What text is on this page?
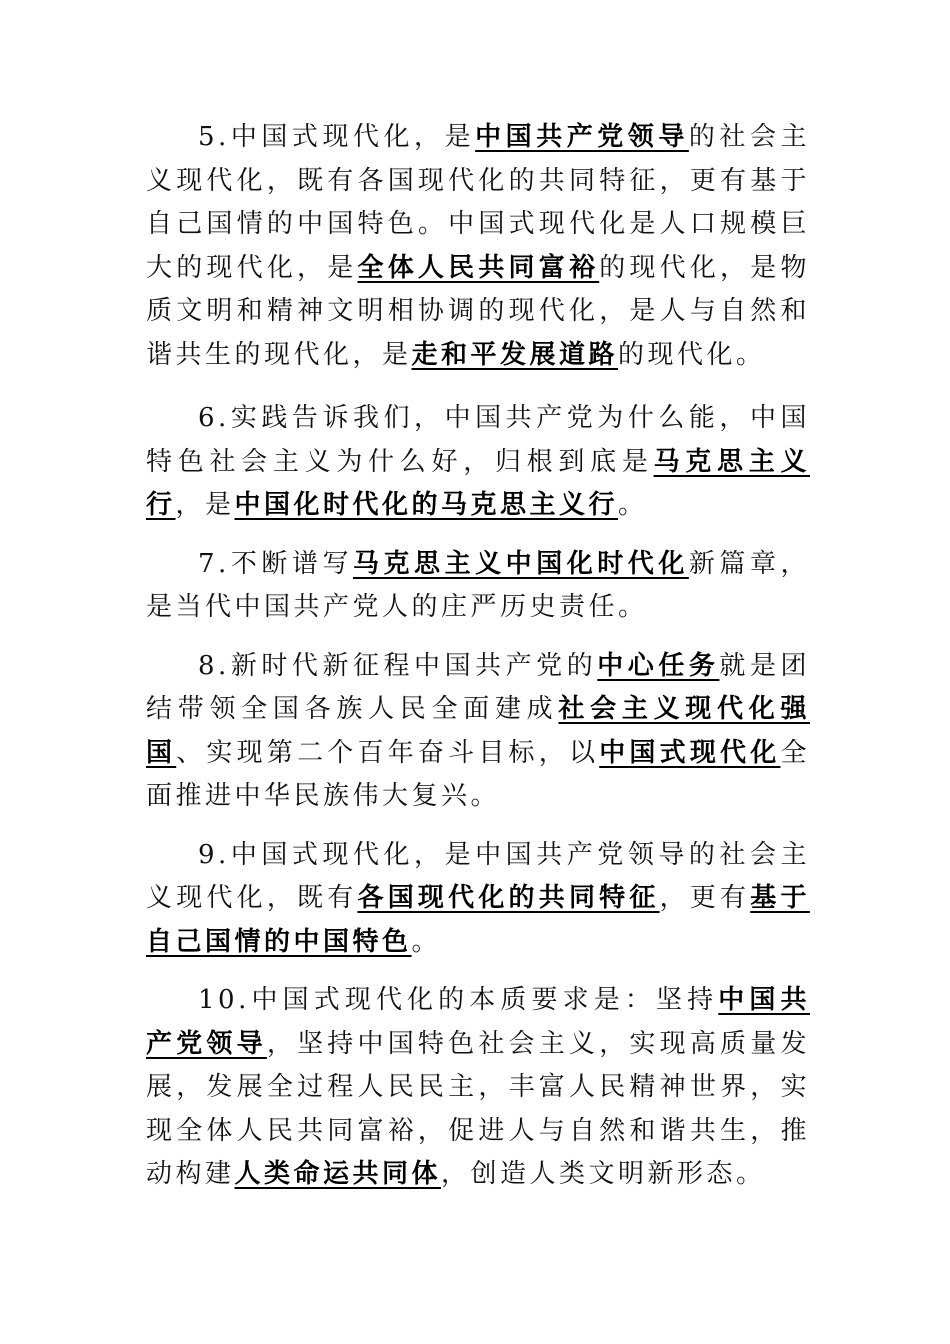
5.中国式现代化，是中国共产党领导的社会主义现代化，既有各国现代化的共同特征，更有基于自己国情的中国特色。中国式现代化是人口规模巨大的现代化，是全体人民共同富裕的现代化，是物质文明和精神文明相协调的现代化，是人与自然和谐共生的现代化，是走和平发展道路的现代化。

6.实践告诉我们，中国共产党为什么能，中国特色社会主义为什么好，归根到底是马克思主义行，是中国化时代化的马克思主义行。

7.不断谱写马克思主义中国化时代化新篇章，是当代中国共产党人的庄严历史责任。

8.新时代新征程中国共产党的中心任务就是团结带领全国各族人民全面建成社会主义现代化强国、实现第二个百年奋斗目标，以中国式现代化全面推进中华民族伟大复兴。

9.中国式现代化，是中国共产党领导的社会主义现代化，既有各国现代化的共同特征，更有基于自己国情的中国特色。

10.中国式现代化的本质要求是：坚持中国共产党领导，坚持中国特色社会主义，实现高质量发展，发展全过程人民民主，丰富人民精神世界，实现全体人民共同富裕，促进人与自然和谐共生，推动构建人类命运共同体，创造人类文明新形态。
